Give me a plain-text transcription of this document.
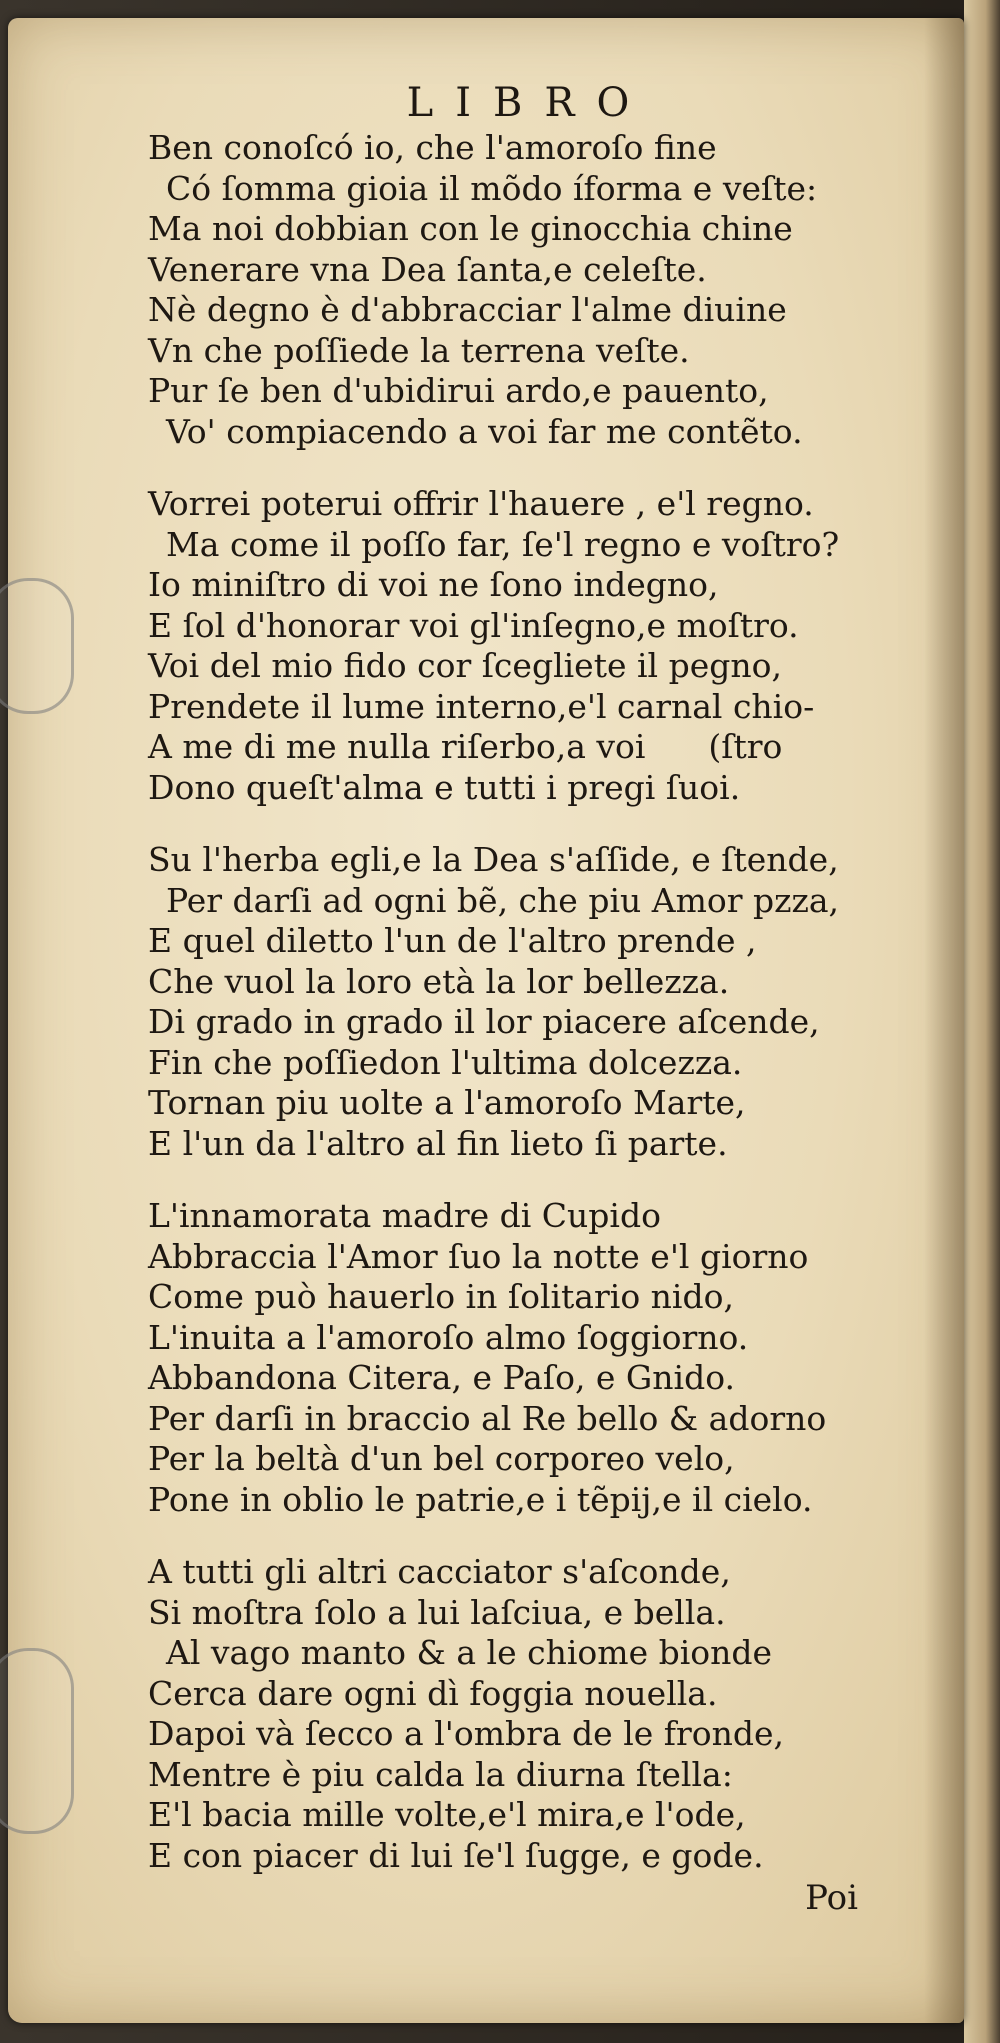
LIBRO
Ben conoſcó io, che l'amoroſo fine
Có ſomma gioia il mõdo íforma e veſte:
Ma noi dobbian con le ginocchia chine
Venerare vna Dea ſanta,e celeſte.
Nè degno è d'abbracciar l'alme diuine
Vn che poſſiede la terrena veſte.
Pur ſe ben d'ubidirui ardo,e pauento,
Vo' compiacendo a voi far me contẽto.
Vorrei poterui offrir l'hauere , e'l regno.
Ma come il poſſo far, ſe'l regno e voſtro?
Io miniſtro di voi ne ſono indegno,
E ſol d'honorar voi gl'inſegno,e moſtro.
Voi del mio fido cor ſcegliete il pegno,
Prendete il lume interno,e'l carnal chio-
A me di me nulla riſerbo,a voi      (ſtro
Dono queſt'alma e tutti i pregi ſuoi.
Su l'herba egli,e la Dea s'aſſide, e ſtende,
Per darſi ad ogni bẽ, che piu Amor pzza,
E quel diletto l'un de l'altro prende ,
Che vuol la loro età la lor bellezza.
Di grado in grado il lor piacere aſcende,
Fin che poſſiedon l'ultima dolcezza.
Tornan piu uolte a l'amoroſo Marte,
E l'un da l'altro al fin lieto ſi parte.
L'innamorata madre di Cupido
Abbraccia l'Amor ſuo la notte e'l giorno
Come può hauerlo in ſolitario nido,
L'inuita a l'amoroſo almo ſoggiorno.
Abbandona Citera, e Paſo, e Gnido.
Per darſi in braccio al Re bello & adorno
Per la beltà d'un bel corporeo velo,
Pone in oblio le patrie,e i tẽpij,e il cielo.
A tutti gli altri cacciator s'aſconde,
Si moſtra ſolo a lui laſciua, e bella.
Al vago manto & a le chiome bionde
Cerca dare ogni dì foggia nouella.
Dapoi và ſecco a l'ombra de le fronde,
Mentre è piu calda la diurna ſtella:
E'l bacia mille volte,e'l mira,e l'ode,
E con piacer di lui ſe'l ſugge, e gode.
Poi
